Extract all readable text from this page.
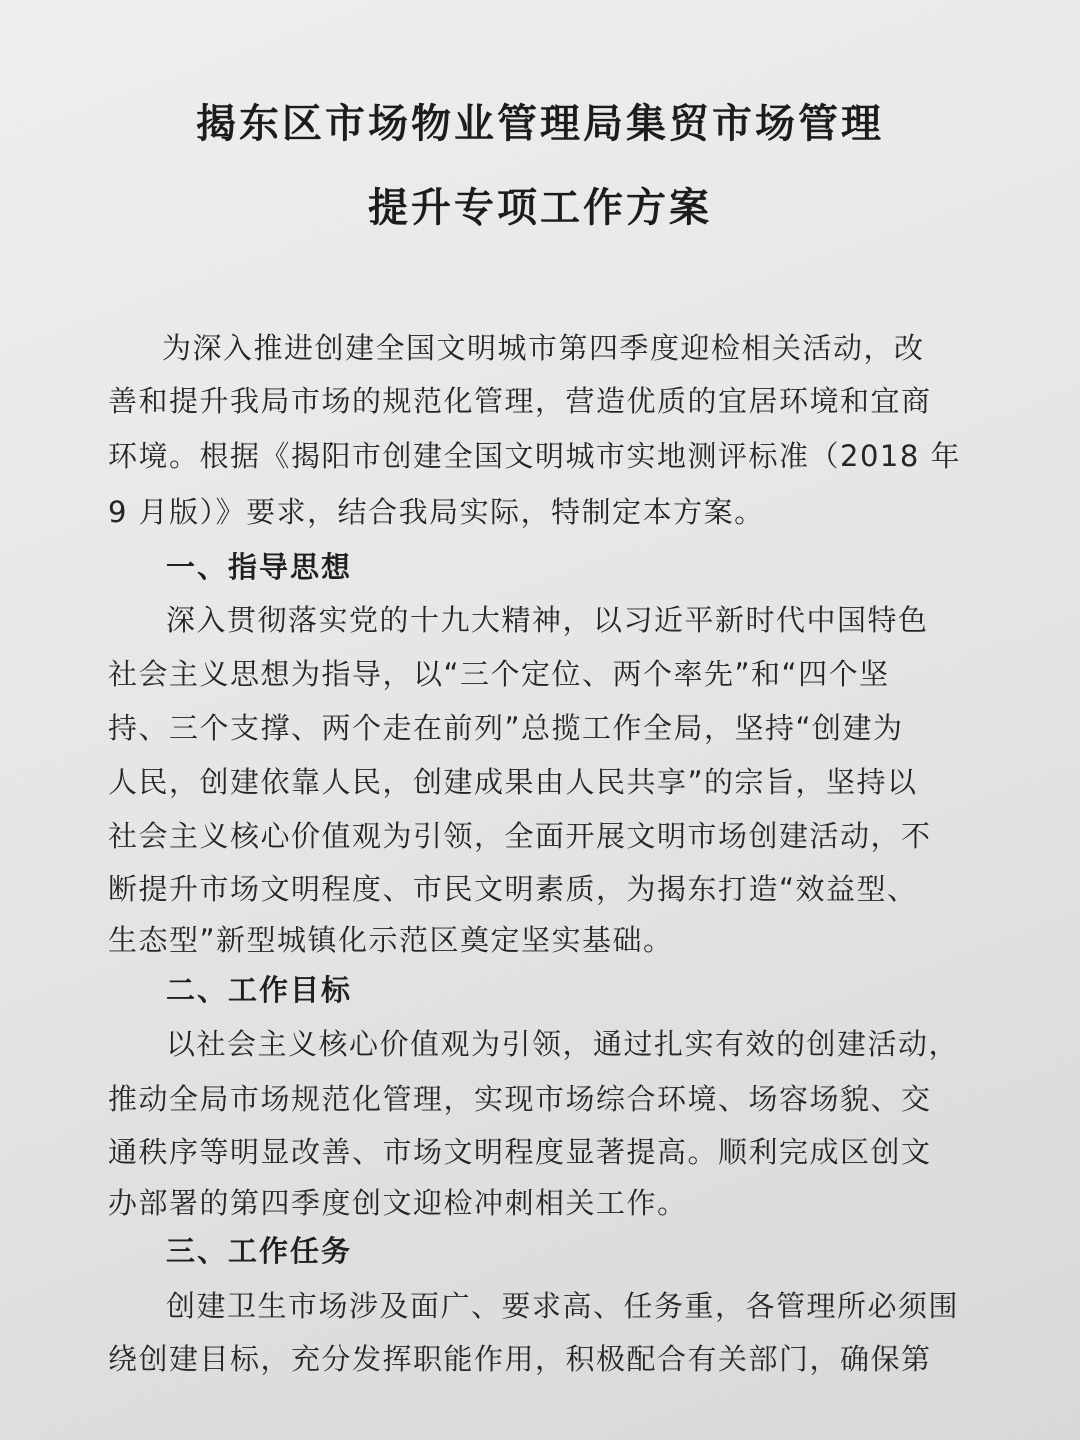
揭东区市场物业管理局集贸市场管理
提升专项工作方案
为深入推进创建全国文明城市第四季度迎检相关活动，改
善和提升我局市场的规范化管理，营造优质的宜居环境和宜商
环境。根据《揭阳市创建全国文明城市实地测评标准（2018 年
9 月版）》要求，结合我局实际，特制定本方案。
一、指导思想
深入贯彻落实党的十九大精神，以习近平新时代中国特色
社会主义思想为指导，以“三个定位、两个率先”和“四个坚
持、三个支撑、两个走在前列”总揽工作全局，坚持“创建为
人民，创建依靠人民，创建成果由人民共享”的宗旨，坚持以
社会主义核心价值观为引领，全面开展文明市场创建活动，不
断提升市场文明程度、市民文明素质，为揭东打造“效益型、
生态型”新型城镇化示范区奠定坚实基础。
二、工作目标
以社会主义核心价值观为引领，通过扎实有效的创建活动，
推动全局市场规范化管理，实现市场综合环境、场容场貌、交
通秩序等明显改善、市场文明程度显著提高。顺利完成区创文
办部署的第四季度创文迎检冲刺相关工作。
三、工作任务
创建卫生市场涉及面广、要求高、任务重，各管理所必须围
绕创建目标，充分发挥职能作用，积极配合有关部门，确保第
